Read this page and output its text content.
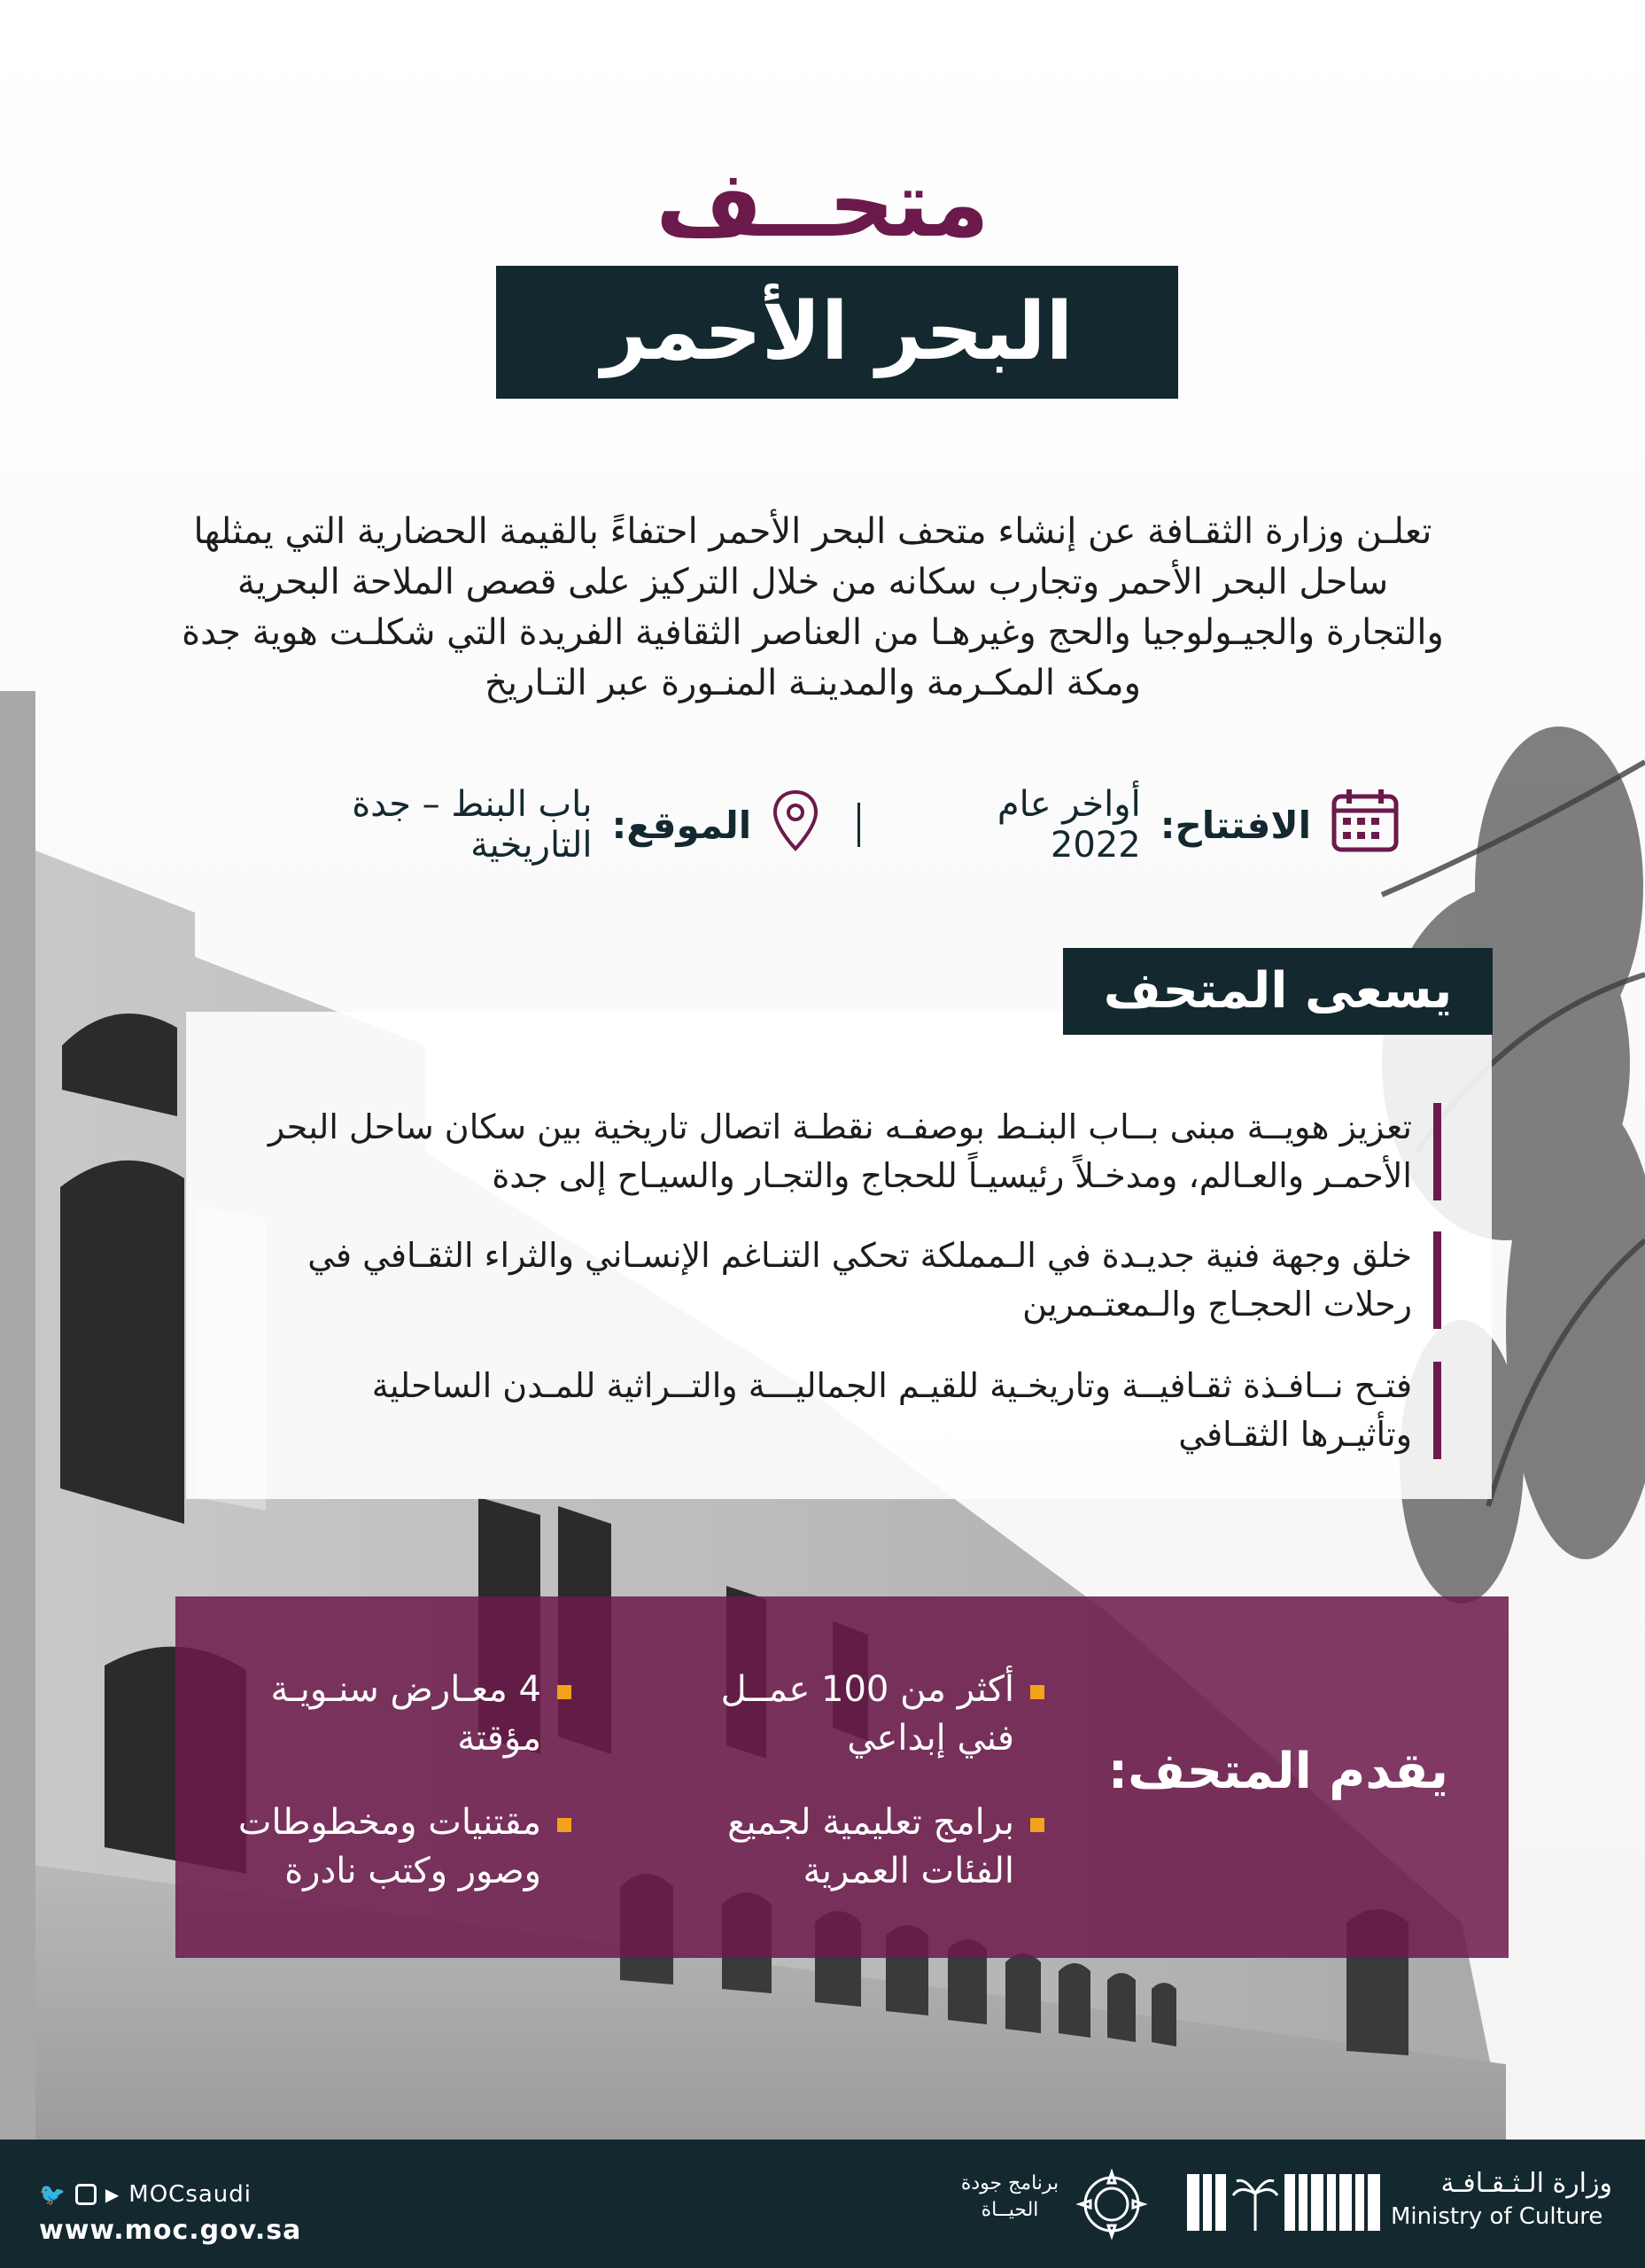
متحــف
البحر الأحمر
تعلـن وزارة الثقـافة عن إنشاء متحف البحر الأحمر احتفاءً بالقيمة الحضارية التي يمثلها ساحل البحر الأحمر وتجارب سكانه من خلال التركيز على قصص الملاحة البحرية والتجارة والجيـولوجيا والحج وغيرهـا من العناصر الثقافية الفريدة التي شكلـت هوية جدة ومكة المكـرمة والمدينـة المنـورة عبر التـاريخ
الافتتاح:
أواخر عام 2022
الموقع:
باب البنط – جدة التاريخية
يسعى المتحف إلى:
تعزيز هويــة مبنى بــاب البنـط بوصفـه نقطـة اتصال تاريخية بين سكان ساحل البحر الأحمـر والعـالم، ومدخـلاً رئيسيـاً للحجاج والتجـار والسيـاح إلى جدة
خلق وجهة فنية جديـدة في الـمملكة تحكي التنـاغم الإنسـاني والثراء الثقـافي في رحلات الحجـاج والـمعتـمرين
فتـح نــافـذة ثقـافيــة وتاريخـية للقيـم الجماليـــة والتــراثية للمـدن الساحلية وتأثيـرها الثقـافي
يقدم المتحف:
أكثر من 100 عمــل فني إبداعي
4 معـارض سنـويـة مؤقتة
برامج تعليمية لجميع الفئات العمرية
مقتنيات ومخطوطات وصور وكتب نادرة
🐦 ▶ MOCsaudi
www.moc.gov.sa
برنامج جودة الحيــاة
وزارة الـثـقـافـة
Ministry of Culture
